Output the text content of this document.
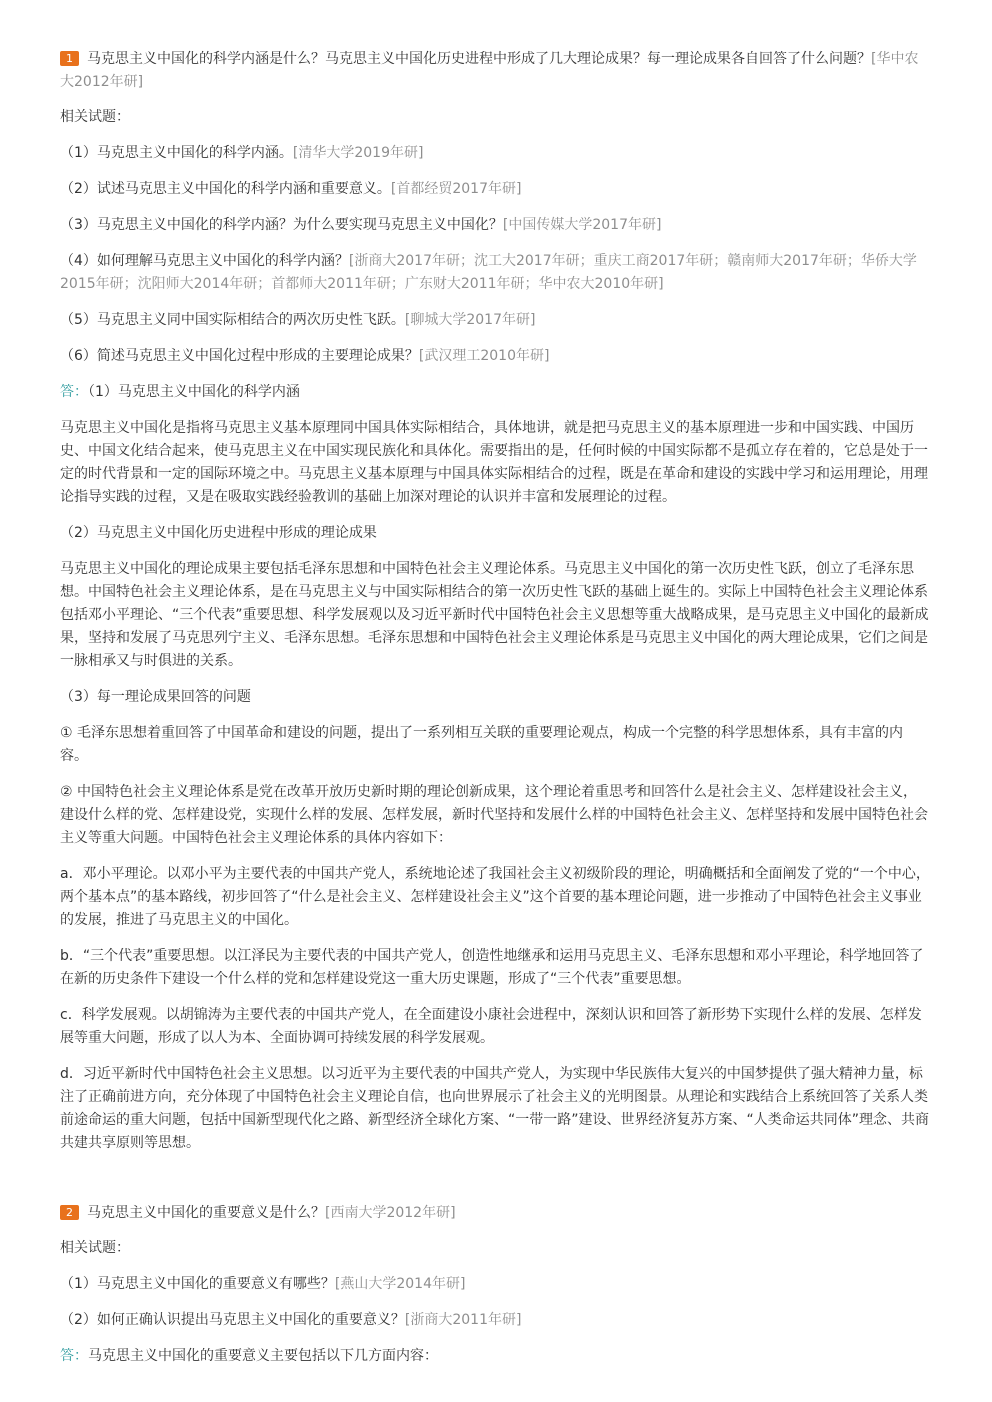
1 马克思主义中国化的科学内涵是什么？马克思主义中国化历史进程中形成了几大理论成果？每一理论成果各自回答了什么问题？[华中农大2012年研]

相关试题：

（1）马克思主义中国化的科学内涵。[清华大学2019年研]

（2）试述马克思主义中国化的科学内涵和重要意义。[首都经贸2017年研]

（3）马克思主义中国化的科学内涵？为什么要实现马克思主义中国化？[中国传媒大学2017年研]

（4）如何理解马克思主义中国化的科学内涵？[浙商大2017年研；沈工大2017年研；重庆工商2017年研；赣南师大2017年研；华侨大学2015年研；沈阳师大2014年研；首都师大2011年研；广东财大2011年研；华中农大2010年研]

（5）马克思主义同中国实际相结合的两次历史性飞跃。[聊城大学2017年研]

（6）简述马克思主义中国化过程中形成的主要理论成果？[武汉理工2010年研]

答：（1）马克思主义中国化的科学内涵

马克思主义中国化是指将马克思主义基本原理同中国具体实际相结合，具体地讲，就是把马克思主义的基本原理进一步和中国实践、中国历史、中国文化结合起来，使马克思主义在中国实现民族化和具体化。需要指出的是，任何时候的中国实际都不是孤立存在着的，它总是处于一定的时代背景和一定的国际环境之中。马克思主义基本原理与中国具体实际相结合的过程，既是在革命和建设的实践中学习和运用理论，用理论指导实践的过程，又是在吸取实践经验教训的基础上加深对理论的认识并丰富和发展理论的过程。

（2）马克思主义中国化历史进程中形成的理论成果

马克思主义中国化的理论成果主要包括毛泽东思想和中国特色社会主义理论体系。马克思主义中国化的第一次历史性飞跃，创立了毛泽东思想。中国特色社会主义理论体系，是在马克思主义与中国实际相结合的第一次历史性飞跃的基础上诞生的。实际上中国特色社会主义理论体系包括邓小平理论、“三个代表”重要思想、科学发展观以及习近平新时代中国特色社会主义思想等重大战略成果，是马克思主义中国化的最新成果，坚持和发展了马克思列宁主义、毛泽东思想。毛泽东思想和中国特色社会主义理论体系是马克思主义中国化的两大理论成果，它们之间是一脉相承又与时俱进的关系。

（3）每一理论成果回答的问题

① 毛泽东思想着重回答了中国革命和建设的问题，提出了一系列相互关联的重要理论观点，构成一个完整的科学思想体系，具有丰富的内容。

② 中国特色社会主义理论体系是党在改革开放历史新时期的理论创新成果，这个理论着重思考和回答什么是社会主义、怎样建设社会主义，建设什么样的党、怎样建设党，实现什么样的发展、怎样发展，新时代坚持和发展什么样的中国特色社会主义、怎样坚持和发展中国特色社会主义等重大问题。中国特色社会主义理论体系的具体内容如下：

a．邓小平理论。以邓小平为主要代表的中国共产党人，系统地论述了我国社会主义初级阶段的理论，明确概括和全面阐发了党的“一个中心，两个基本点”的基本路线，初步回答了“什么是社会主义、怎样建设社会主义”这个首要的基本理论问题，进一步推动了中国特色社会主义事业的发展，推进了马克思主义的中国化。

b．“三个代表”重要思想。以江泽民为主要代表的中国共产党人，创造性地继承和运用马克思主义、毛泽东思想和邓小平理论，科学地回答了在新的历史条件下建设一个什么样的党和怎样建设党这一重大历史课题，形成了“三个代表”重要思想。

c．科学发展观。以胡锦涛为主要代表的中国共产党人，在全面建设小康社会进程中，深刻认识和回答了新形势下实现什么样的发展、怎样发展等重大问题，形成了以人为本、全面协调可持续发展的科学发展观。

d．习近平新时代中国特色社会主义思想。以习近平为主要代表的中国共产党人，为实现中华民族伟大复兴的中国梦提供了强大精神力量，标注了正确前进方向，充分体现了中国特色社会主义理论自信，也向世界展示了社会主义的光明图景。从理论和实践结合上系统回答了关系人类前途命运的重大问题，包括中国新型现代化之路、新型经济全球化方案、“一带一路”建设、世界经济复苏方案、“人类命运共同体”理念、共商共建共享原则等思想。

2 马克思主义中国化的重要意义是什么？[西南大学2012年研]

相关试题：

（1）马克思主义中国化的重要意义有哪些？[燕山大学2014年研]

（2）如何正确认识提出马克思主义中国化的重要意义？[浙商大2011年研]

答：马克思主义中国化的重要意义主要包括以下几方面内容：
